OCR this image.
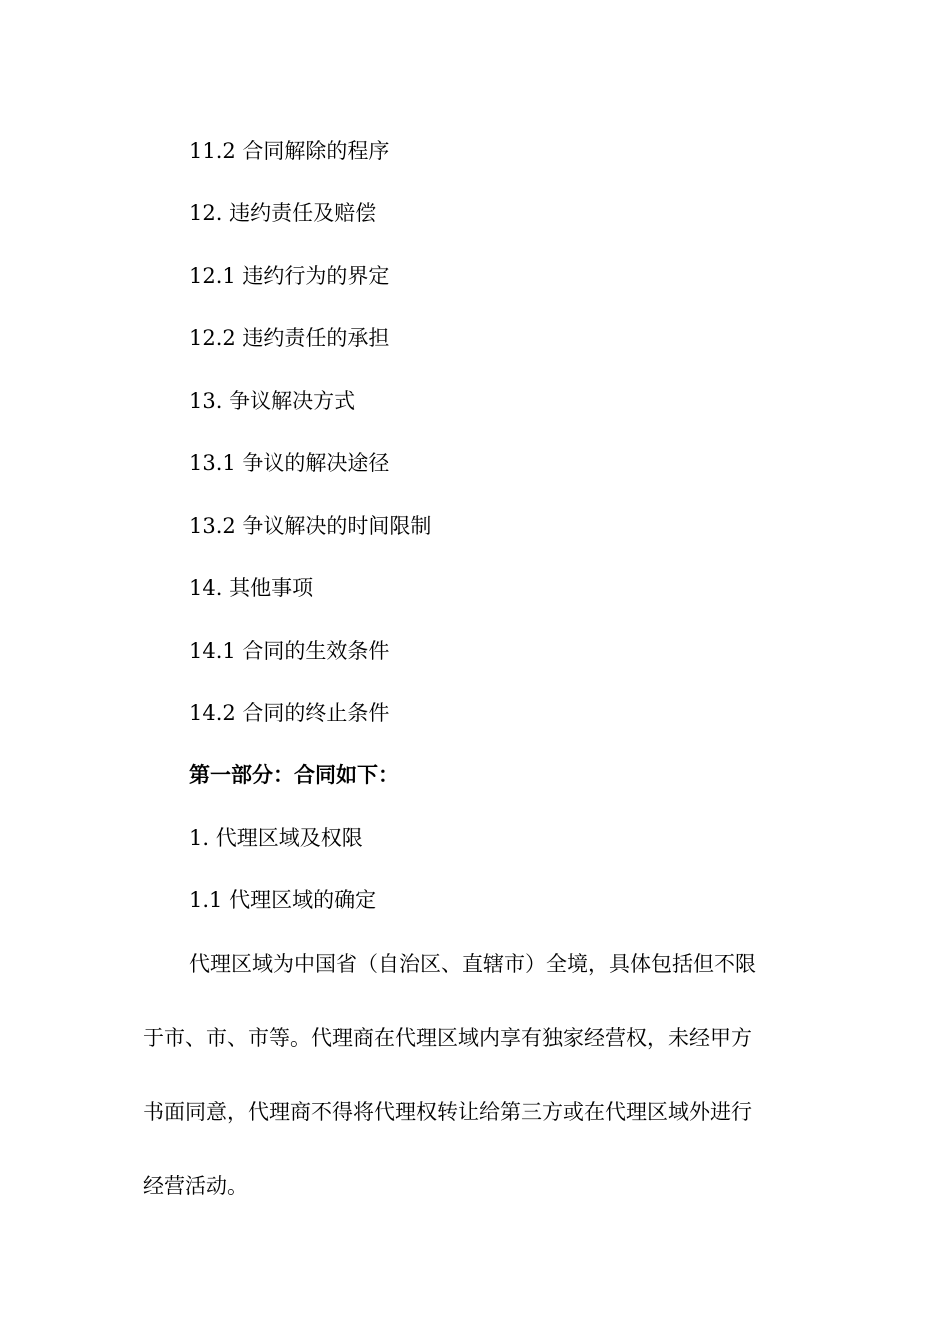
11.2 合同解除的程序
12. 违约责任及赔偿
12.1 违约行为的界定
12.2 违约责任的承担
13. 争议解决方式
13.1 争议的解决途径
13.2 争议解决的时间限制
14. 其他事项
14.1 合同的生效条件
14.2 合同的终止条件
第一部分：合同如下：
1. 代理区域及权限
1.1 代理区域的确定
代理区域为中国省（自治区、直辖市）全境，具体包括但不限
于市、市、市等。代理商在代理区域内享有独家经营权，未经甲方
书面同意，代理商不得将代理权转让给第三方或在代理区域外进行
经营活动。
